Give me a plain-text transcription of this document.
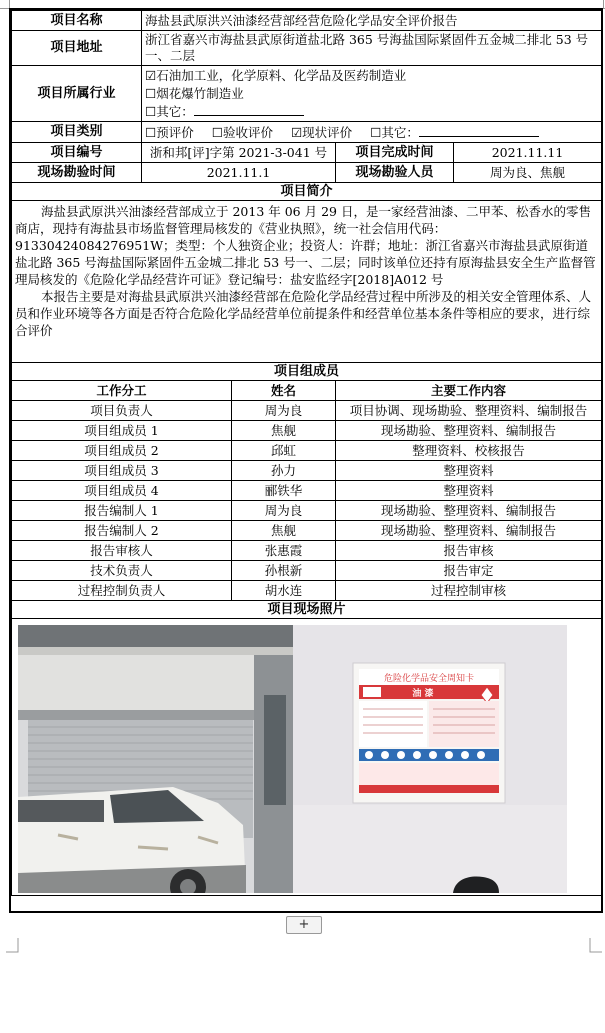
项目名称	海盐县武原洪兴油漆经营部经营危险化学品安全评价报告			
项目地址	浙江省嘉兴市海盐县武原街道盐北路 365 号海盐国际紧固件五金城二排北 53 号一、二层			
项目所属行业	☑石油加工业，化学原料、化学品及医药制造业
☐烟花爆竹制造业
☐其它：			

项目类别	☐预评价 ☐验收评价 ☑现状评价 ☐其它：			
项目编号	浙和邦[评]字第 2021-3-041 号		项目完成时间	2021.11.11
现场勘验时间	2021.11.1		现场勘验人员	周为良、焦舰
项目简介				

海盐县武原洪兴油漆经营部成立于 2013 年 06 月 29 日，是一家经营油漆、二甲苯、松香水的零售商店，现持有海盐县市场监督管理局核发的《营业执照》，统一社会信用代码：91330424084276951W；类型：个人独资企业；投资人：许群；地址：浙江省嘉兴市海盐县武原街道盐北路 365 号海盐国际紧固件五金城二排北 53 号一、二层；同时该单位还持有原海盐县安全生产监督管理局核发的《危险化学品经营许可证》登记编号：盐安监经字[2018]A012 号

本报告主要是对海盐县武原洪兴油漆经营部在危险化学品经营过程中所涉及的相关安全管理体系、人员和作业环境等各方面是否符合危险化学品经营单位前提条件和经营单位基本条件等相应的要求，进行综合评价				

项目组成员				
工作分工		姓名	主要工作内容	
项目负责人		周为良	项目协调、现场勘验、整理资料、编制报告	
项目组成员 1		焦舰	现场勘验、整理资料、编制报告	
项目组成员 2		邱虹	整理资料、校核报告	
项目组成员 3		孙力	整理资料	
项目组成员 4		郦铁华	整理资料	
报告编制人 1		周为良	现场勘验、整理资料、编制报告	
报告编制人 2		焦舰	现场勘验、整理资料、编制报告	
报告审核人		张惠霞	报告审核	
技术负责人		孙根新	报告审定	
过程控制负责人		胡水连	过程控制审核	
项目现场照片				

危险化学品安全周知卡
油 漆				
+
